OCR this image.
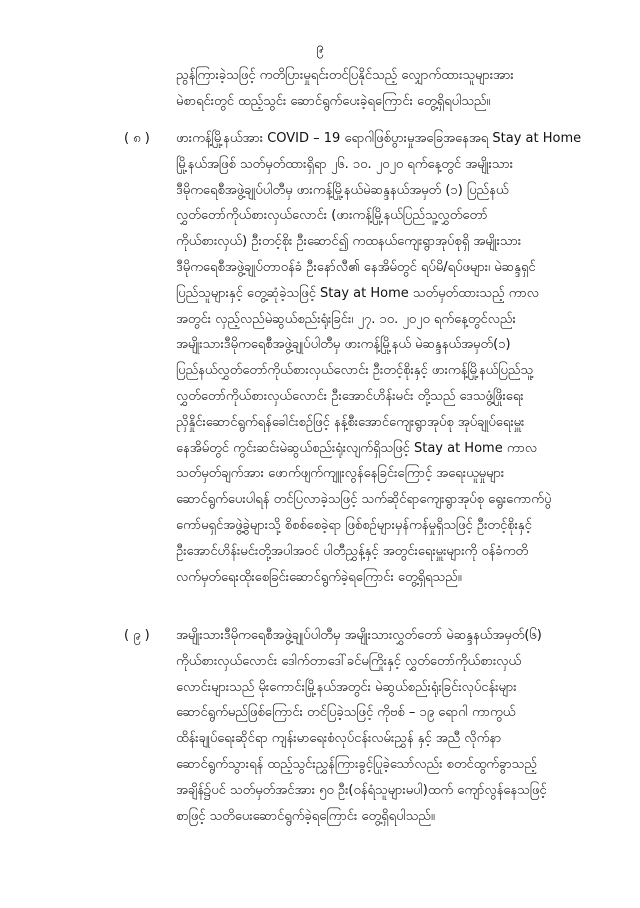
၉
ညွန်ကြားခဲ့သဖြင့် ကတိပြားမှုရင်းတင်ပြနိုင်သည့် လျှောက်ထားသူများအား
မဲစာရင်းတွင် ထည့်သွင်း ဆောင်ရွက်ပေးခဲ့ရကြောင်း တွေ့ရှိရပါသည်။
( ၈ ) ဖားကန့်မြို့နယ်အား COVID – 19 ရောဂါဖြစ်ပွားမှုအခြေအနေအရ Stay at Home
မြို့နယ်အဖြစ် သတ်မှတ်ထားရှိရာ ၂၆. ၁၀. ၂၀၂၀ ရက်နေ့တွင် အမျိုးသား
ဒီမိုကရေစီအဖွဲ့ချုပ်ပါတီမှ ဖားကန့်မြို့နယ်မဲဆန္ဒနယ်အမှတ် (၁) ပြည်နယ်
လွှတ်တော်ကိုယ်စားလှယ်လောင်း (ဖားကန့်မြို့နယ်ပြည်သူ့လွှတ်တော်
ကိုယ်စားလှယ်) ဦးတင့်စိုး ဦးဆောင်၍ ကထနယ်ကျေးရွာအုပ်စုရှိ အမျိုးသား
ဒီမိုကရေစီအဖွဲ့ချုပ်တာဝန်ခံ ဦးနော်လီ၏ နေအိမ်တွင် ရပ်မိ/ရပ်ဖများ၊ မဲဆန္ဒရှင်
ပြည်သူများနှင့် တွေ့ဆုံခဲ့သဖြင့် Stay at Home သတ်မှတ်ထားသည့် ကာလ
အတွင်း လှည့်လည်မဲဆွယ်စည်းရုံးခြင်း၊ ၂၇. ၁၀. ၂၀၂၀ ရက်နေ့တွင်လည်း
အမျိုးသားဒီမိုကရေစီအဖွဲ့ချုပ်ပါတီမှ ဖားကန့်မြို့နယ် မဲဆန္ဒနယ်အမှတ်(၁)
ပြည်နယ်လွှတ်တော်ကိုယ်စားလှယ်လောင်း ဦးတင့်စိုးနှင့် ဖားကန့်မြို့နယ်ပြည်သူ့
လွှတ်တော်ကိုယ်စားလှယ်လောင်း ဦးအောင်ဟိန်းမင်း တို့သည် ဒေသဖွံ့ဖြိုးရေး
ညှိနှိုင်းဆောင်ရွက်ရန်ခေါင်းစဉ်ဖြင့် နန့်စီးအောင်ကျေးရွာအုပ်စု အုပ်ချုပ်ရေးမှူး
နေအိမ်တွင် ကွင်းဆင်းမဲဆွယ်စည်းရုံးလျက်ရှိသဖြင့် Stay at Home ကာလ
သတ်မှတ်ချက်အား ဖောက်ဖျက်ကျူးလွန်နေခြင်းကြောင့် အရေးယူမှုများ
ဆောင်ရွက်ပေးပါရန် တင်ပြလာခဲ့သဖြင့် သက်ဆိုင်ရာကျေးရွာအုပ်စု ရွေးကောက်ပွဲ
ကော်မရှင်အဖွဲ့ခွဲများသို့ စိစစ်စေခဲ့ရာ ဖြစ်စဉ်များမှန်ကန်မှုရှိသဖြင့် ဦးတင့်စိုးနှင့်
ဦးအောင်ဟိန်းမင်းတို့အပါအဝင် ပါတီညွှန့်နှင့် အတွင်းရေးမှူးများကို ဝန်ခံကတိ
လက်မှတ်ရေးထိုးစေခြင်းဆောင်ရွက်ခဲ့ရကြောင်း တွေ့ရှိရသည်။
( ၉ ) အမျိုးသားဒီမိုကရေစီအဖွဲ့ချုပ်ပါတီမှ အမျိုးသားလွှတ်တော် မဲဆန္ဒနယ်အမှတ်(၆)
ကိုယ်စားလှယ်လောင်း ဒေါက်တာဒေါ်ခင်မကြိုးနှင့် လွှတ်တော်ကိုယ်စားလှယ်
လောင်းများသည် မိုးကောင်းမြို့နယ်အတွင်း မဲဆွယ်စည်းရုံးခြင်းလုပ်ငန်းများ
ဆောင်ရွက်မည်ဖြစ်ကြောင်း တင်ပြခဲ့သဖြင့် ကိုဗစ် – ၁၉ ရောဂါ ကာကွယ်
ထိန်းချုပ်ရေးဆိုင်ရာ ကျန်းမာရေးစံလုပ်ငန်းလမ်းညွှန် နှင့် အညီ လိုက်နာ
ဆောင်ရွက်သွားရန် ထည့်သွင်းညွှန်ကြားခွင့်ပြုခဲ့သော်လည်း စတင်ထွက်ခွာသည့်
အချိန်၌ပင် သတ်မှတ်အင်အား ၅၀ ဦး(ဝန်ရံသူများမပါ)ထက် ကျော်လွန်နေသဖြင့်
စာဖြင့် သတိပေးဆောင်ရွက်ခဲ့ရကြောင်း တွေ့ရှိရပါသည်။
